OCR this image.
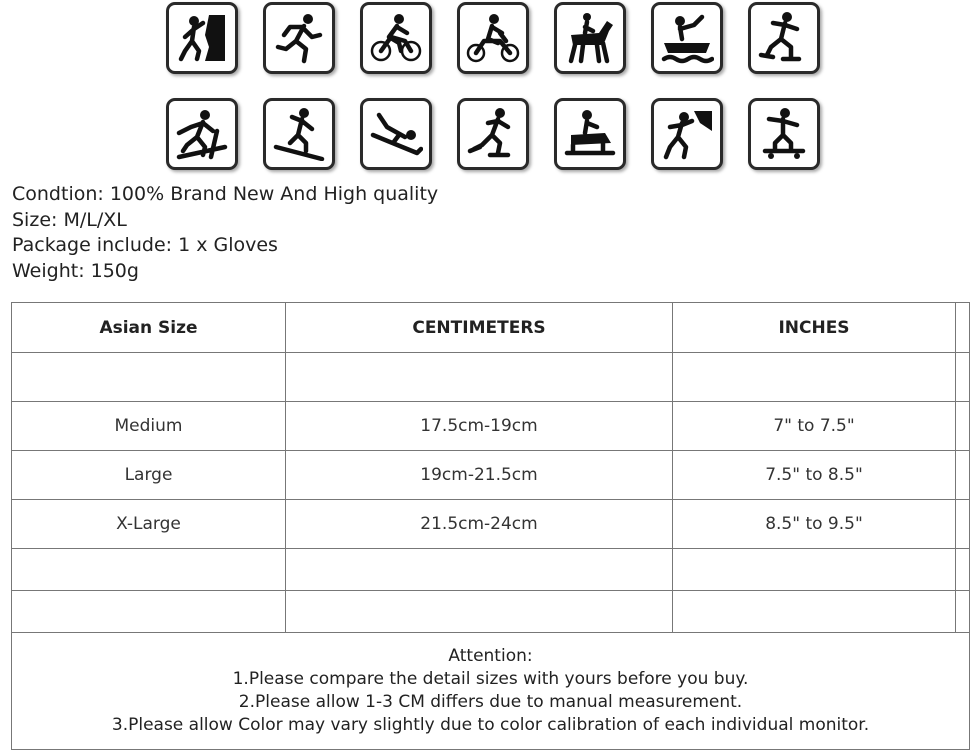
Condtion: 100% Brand New And High quality
Size: M/L/XL
Package include: 1 x Gloves
Weight: 150g
Asian Size	CENTIMETERS	INCHES	

Medium	17.5cm-19cm	7" to 7.5"	
Large	19cm-21.5cm	7.5" to 8.5"	
X-Large	21.5cm-24cm	8.5" to 9.5"	

Attention:
1.Please compare the detail sizes with yours before you buy.
2.Please allow 1-3 CM differs due to manual measurement.
3.Please allow Color may vary slightly due to color calibration of each individual monitor.			
